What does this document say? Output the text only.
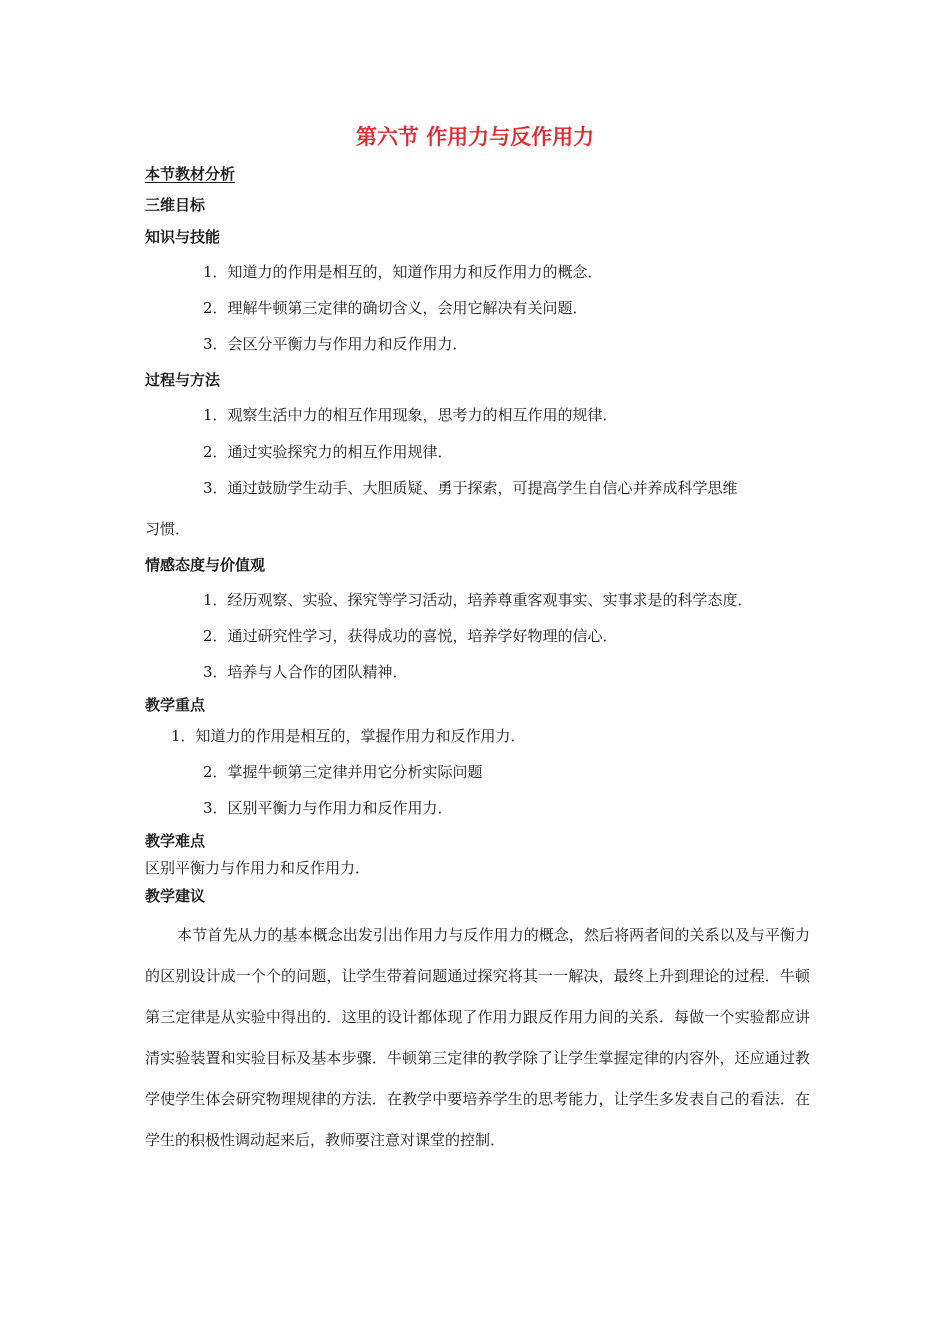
第六节 作用力与反作用力
本节教材分析
三维目标
知识与技能
1．知道力的作用是相互的，知道作用力和反作用力的概念．
2．理解牛顿第三定律的确切含义，会用它解决有关问题．
3．会区分平衡力与作用力和反作用力．
过程与方法
1．观察生活中力的相互作用现象，思考力的相互作用的规律．
2．通过实验探究力的相互作用规律．
3．通过鼓励学生动手、大胆质疑、勇于探索，可提高学生自信心并养成科学思维
习惯．
情感态度与价值观
1．经历观察、实验、探究等学习活动，培养尊重客观事实、实事求是的科学态度．
2．通过研究性学习，获得成功的喜悦，培养学好物理的信心．
3．培养与人合作的团队精神．
教学重点
1．知道力的作用是相互的，掌握作用力和反作用力．
2．掌握牛顿第三定律并用它分析实际问题
3．区别平衡力与作用力和反作用力．
教学难点
区别平衡力与作用力和反作用力．
教学建议

本节首先从力的基本概念出发引出作用力与反作用力的概念，然后将两者间的关系以及与平衡力的区别设计成一个个的问题，让学生带着问题通过探究将其一一解决，最终上升到理论的过程．牛顿第三定律是从实验中得出的．这里的设计都体现了作用力跟反作用力间的关系．每做一个实验都应讲清实验装置和实验目标及基本步骤．牛顿第三定律的教学除了让学生掌握定律的内容外，还应通过教学使学生体会研究物理规律的方法．在教学中要培养学生的思考能力，让学生多发表自己的看法．在学生的积极性调动起来后，教师要注意对课堂的控制．
